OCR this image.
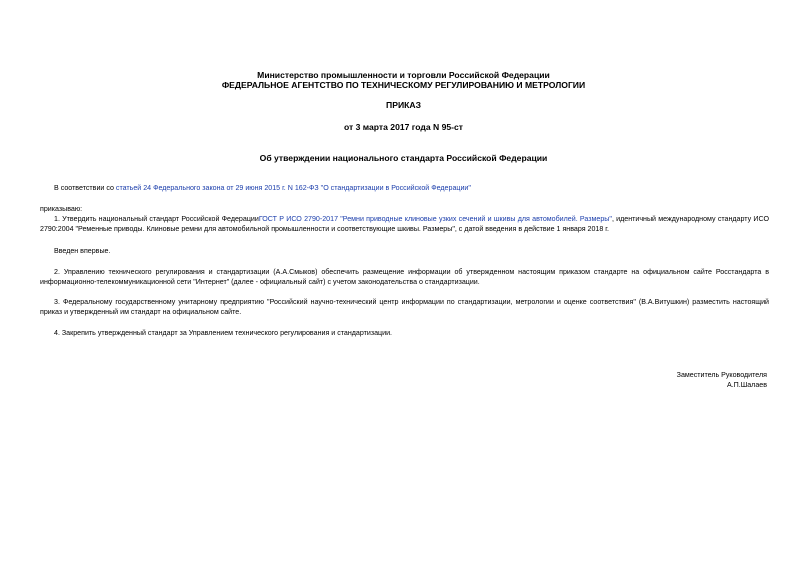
Министерство промышленности и торговли Российской Федерации
ФЕДЕРАЛЬНОЕ АГЕНТСТВО ПО ТЕХНИЧЕСКОМУ РЕГУЛИРОВАНИЮ И МЕТРОЛОГИИ
ПРИКАЗ
от 3 марта 2017 года N 95-ст
Об утверждении национального стандарта Российской Федерации
В соответствии со статьей 24 Федерального закона от 29 июня 2015 г. N 162-ФЗ "О стандартизации в Российской Федерации"
приказываю:
1. Утвердить национальный стандарт Российской ФедерацииГОСТ Р ИСО 2790-2017 "Ремни приводные клиновые узких сечений и шкивы для автомобилей. Размеры", идентичный международному стандарту ИСО 2790:2004 "Ременные приводы. Клиновые ремни для автомобильной промышленности и соответствующие шкивы. Размеры", с датой введения в действие 1 января 2018 г.
Введен впервые.
2. Управлению технического регулирования и стандартизации (А.А.Смыков) обеспечить размещение информации об утвержденном настоящим приказом стандарте на официальном сайте Росстандарта в информационно-телекоммуникационной сети "Интернет" (далее - официальный сайт) с учетом законодательства о стандартизации.
3. Федеральному государственному унитарному предприятию "Российский научно-технический центр информации по стандартизации, метрологии и оценке соответствия" (В.А.Витушкин) разместить настоящий приказ и утвержденный им стандарт на официальном сайте.
4. Закрепить утвержденный стандарт за Управлением технического регулирования и стандартизации.
Заместитель Руководителя
А.П.Шалаев
